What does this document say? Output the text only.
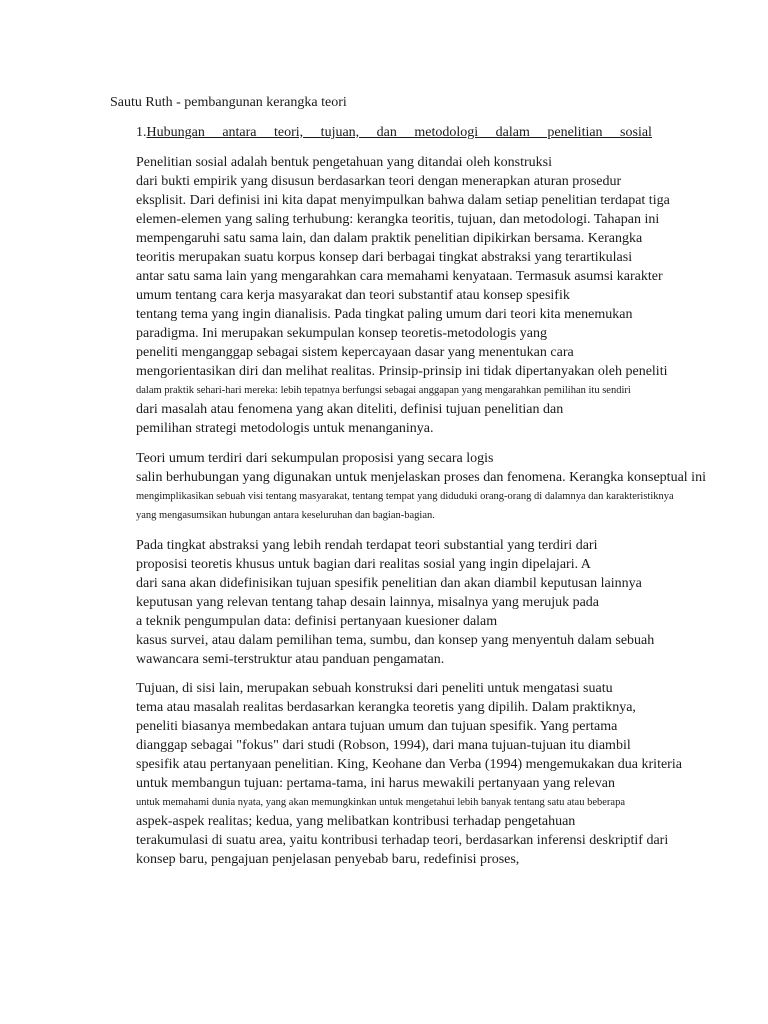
Sautu Ruth - pembangunan kerangka teori
1. Hubungan antara teori, tujuan, dan metodologi dalam penelitian sosial
Penelitian sosial adalah bentuk pengetahuan yang ditandai oleh konstruksi
dari bukti empirik yang disusun berdasarkan teori dengan menerapkan aturan prosedur
eksplisit. Dari definisi ini kita dapat menyimpulkan bahwa dalam setiap penelitian terdapat tiga
elemen-elemen yang saling terhubung: kerangka teoritis, tujuan, dan metodologi. Tahapan ini
mempengaruhi satu sama lain, dan dalam praktik penelitian dipikirkan bersama. Kerangka
teoritis merupakan suatu korpus konsep dari berbagai tingkat abstraksi yang terartikulasi
antar satu sama lain yang mengarahkan cara memahami kenyataan. Termasuk asumsi karakter
umum tentang cara kerja masyarakat dan teori substantif atau konsep spesifik
tentang tema yang ingin dianalisis. Pada tingkat paling umum dari teori kita menemukan
paradigma. Ini merupakan sekumpulan konsep teoretis-metodologis yang
peneliti menganggap sebagai sistem kepercayaan dasar yang menentukan cara
mengorientasikan diri dan melihat realitas. Prinsip-prinsip ini tidak dipertanyakan oleh peneliti
dalam praktik sehari-hari mereka: lebih tepatnya berfungsi sebagai anggapan yang mengarahkan pemilihan itu sendiri
dari masalah atau fenomena yang akan diteliti, definisi tujuan penelitian dan
pemilihan strategi metodologis untuk menanganinya.
Teori umum terdiri dari sekumpulan proposisi yang secara logis
salin berhubungan yang digunakan untuk menjelaskan proses dan fenomena. Kerangka konseptual ini
mengimplikasikan sebuah visi tentang masyarakat, tentang tempat yang diduduki orang-orang di dalamnya dan karakteristiknya
yang mengasumsikan hubungan antara keseluruhan dan bagian-bagian.
Pada tingkat abstraksi yang lebih rendah terdapat teori substantial yang terdiri dari
proposisi teoretis khusus untuk bagian dari realitas sosial yang ingin dipelajari. A
dari sana akan didefinisikan tujuan spesifik penelitian dan akan diambil keputusan lainnya
keputusan yang relevan tentang tahap desain lainnya, misalnya yang merujuk pada
a teknik pengumpulan data: definisi pertanyaan kuesioner dalam
kasus survei, atau dalam pemilihan tema, sumbu, dan konsep yang menyentuh dalam sebuah
wawancara semi-terstruktur atau panduan pengamatan.
Tujuan, di sisi lain, merupakan sebuah konstruksi dari peneliti untuk mengatasi suatu
tema atau masalah realitas berdasarkan kerangka teoretis yang dipilih. Dalam praktiknya,
peneliti biasanya membedakan antara tujuan umum dan tujuan spesifik. Yang pertama
dianggap sebagai "fokus" dari studi (Robson, 1994), dari mana tujuan-tujuan itu diambil
spesifik atau pertanyaan penelitian. King, Keohane dan Verba (1994) mengemukakan dua kriteria
untuk membangun tujuan: pertama-tama, ini harus mewakili pertanyaan yang relevan
untuk memahami dunia nyata, yang akan memungkinkan untuk mengetahui lebih banyak tentang satu atau beberapa
aspek-aspek realitas; kedua, yang melibatkan kontribusi terhadap pengetahuan
terakumulasi di suatu area, yaitu kontribusi terhadap teori, berdasarkan inferensi deskriptif dari
konsep baru, pengajuan penjelasan penyebab baru, redefinisi proses,
